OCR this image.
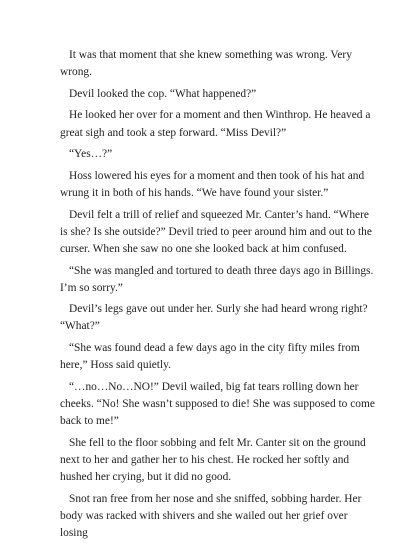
It was that moment that she knew something was wrong. Very wrong.

Devil looked the cop. “What happened?”

He looked her over for a moment and then Winthrop. He heaved a great sigh and took a step forward. “Miss Devil?”

“Yes…?”

Hoss lowered his eyes for a moment and then took of his hat and wrung it in both of his hands. “We have found your sister.”

Devil felt a trill of relief and squeezed Mr. Canter’s hand. “Where is she? Is she outside?” Devil tried to peer around him and out to the curser. When she saw no one she looked back at him confused.

“She was mangled and tortured to death three days ago in Billings. I’m so sorry.”

Devil’s legs gave out under her. Surly she had heard wrong right? “What?”

“She was found dead a few days ago in the city fifty miles from here,” Hoss said quietly.

“…no…No…NO!” Devil wailed, big fat tears rolling down her cheeks. “No! She wasn’t supposed to die! She was supposed to come back to me!”

She fell to the floor sobbing and felt Mr. Canter sit on the ground next to her and gather her to his chest. He rocked her softly and hushed her crying, but it did no good.

Snot ran free from her nose and she sniffed, sobbing harder. Her body was racked with shivers and she wailed out her grief over losing
